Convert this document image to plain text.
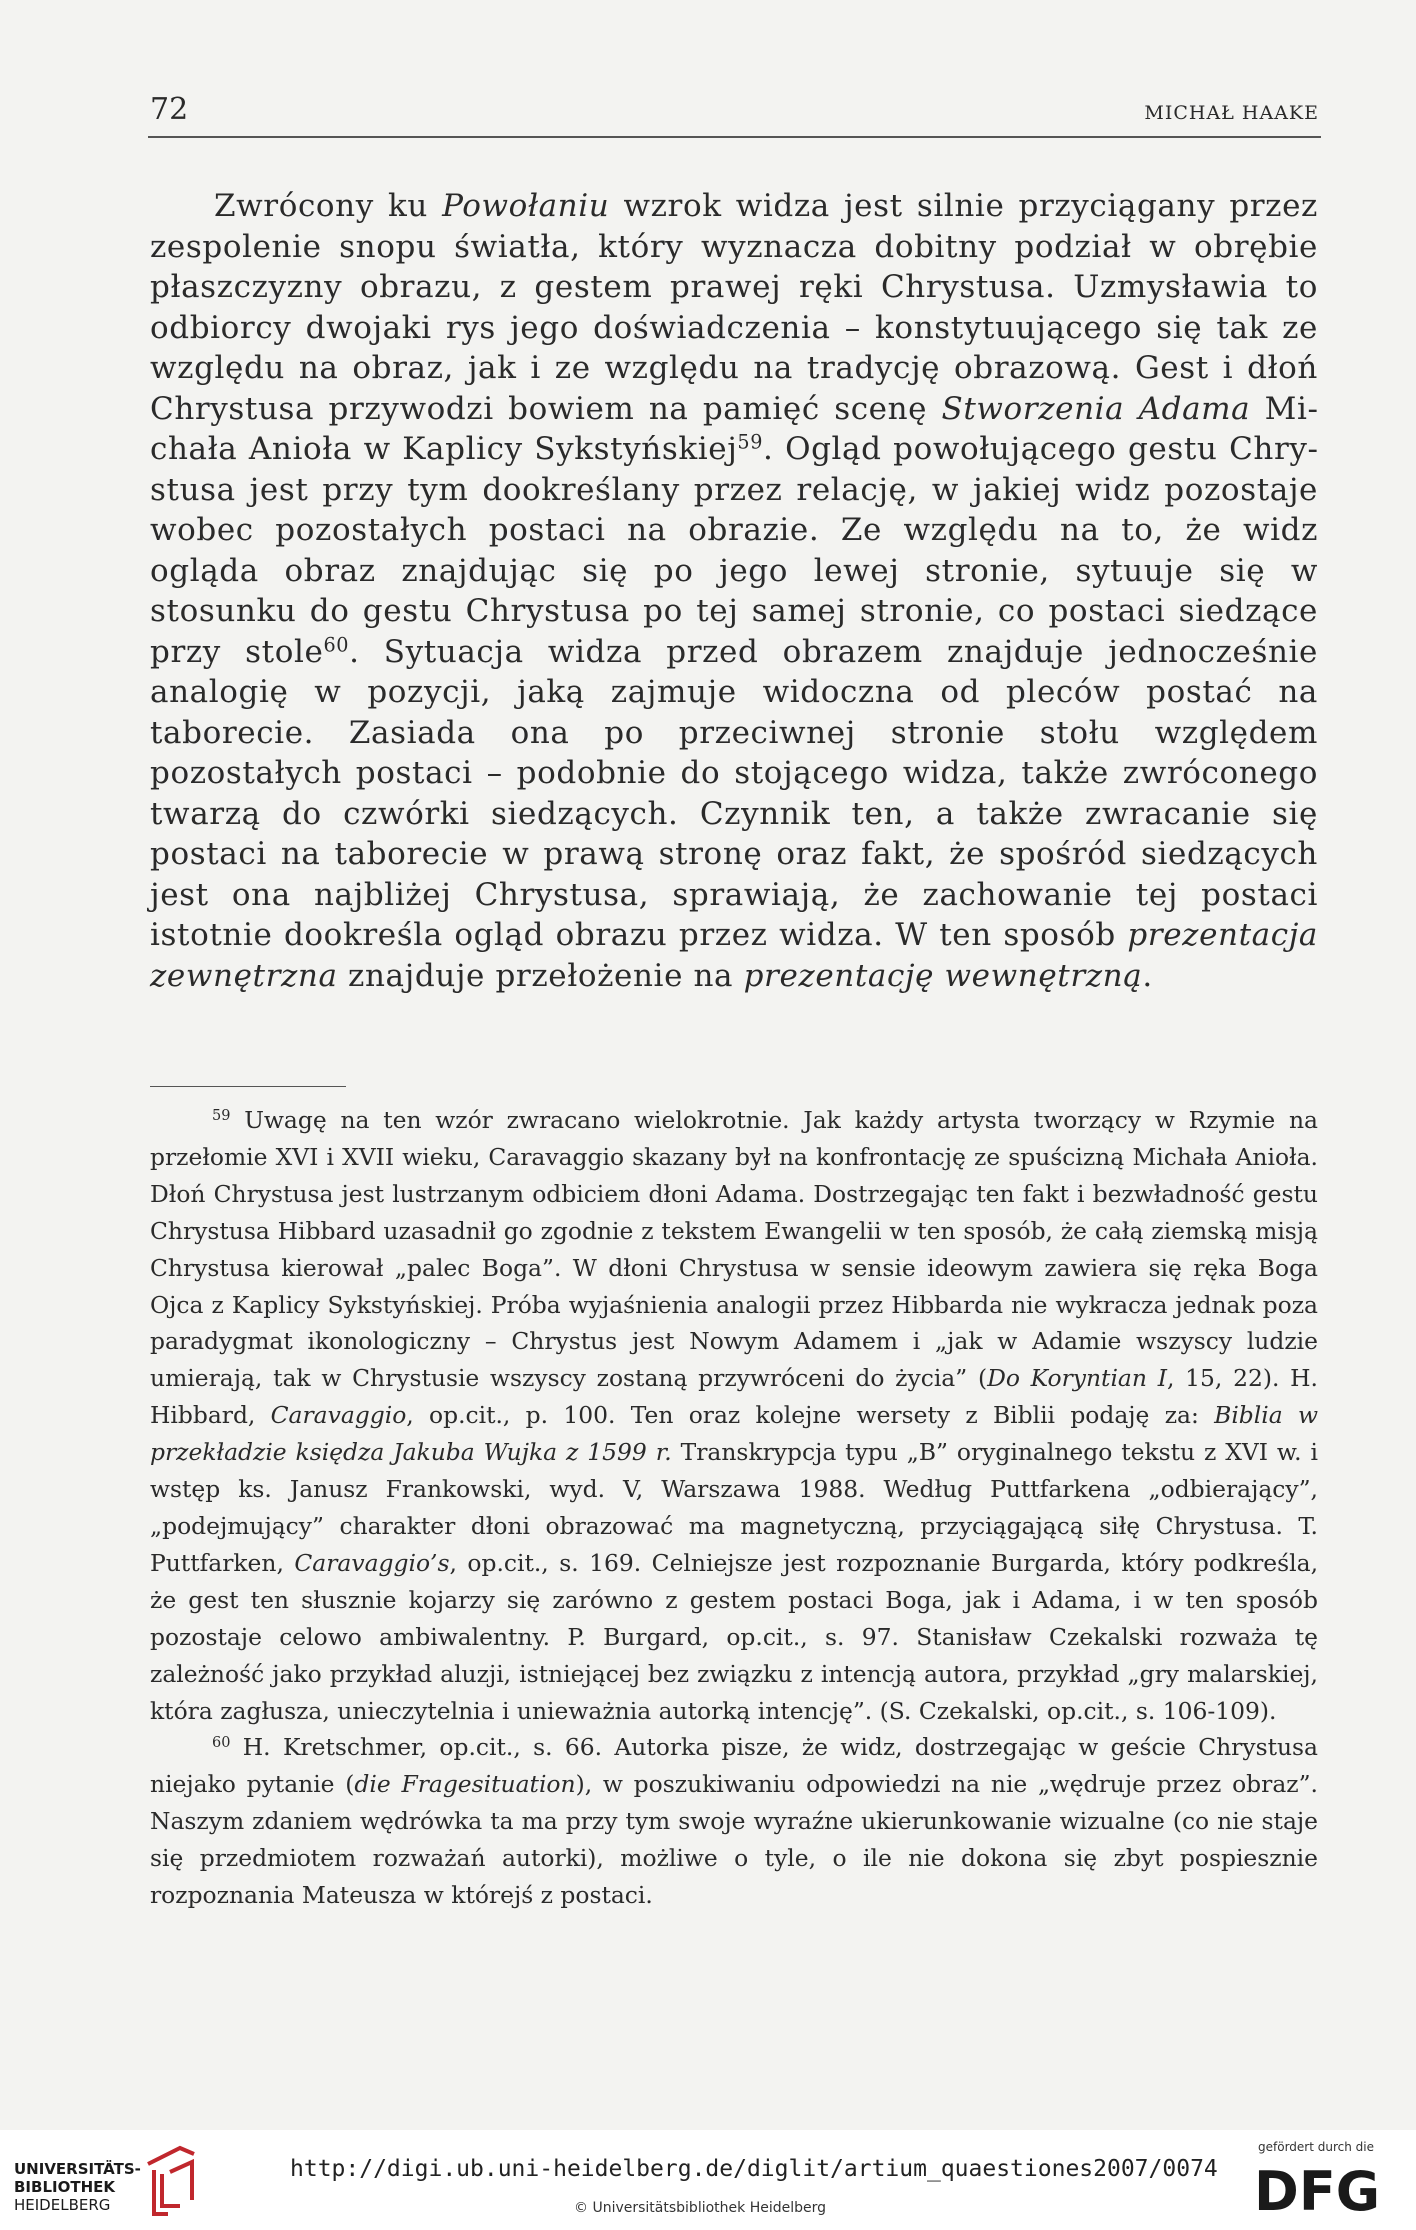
72	MICHAŁ HAAKE

Zwrócony ku Powołaniu wzrok widza jest silnie przyciągany przez zespolenie snopu światła, który wyznacza dobitny podział w obrębie płaszczyzny obrazu, z gestem prawej ręki Chrystusa. Uzmysławia to odbiorcy dwojaki rys jego doświadczenia – konstytuującego się tak ze względu na obraz, jak i ze względu na tradycję obrazową. Gest i dłoń Chrystusa przywodzi bowiem na pamięć scenę Stworzenia Adama Michała Anioła w Kaplicy Sykstyńskiej$^{59}$. Ogląd powołującego gestu Chrystusa jest przy tym dookreślany przez relację, w jakiej widz pozostaje wobec pozostałych postaci na obrazie. Ze względu na to, że widz ogląda obraz znajdując się po jego lewej stronie, sytuuje się w stosunku do gestu Chrystusa po tej samej stronie, co postaci siedzące przy stole$^{60}$. Sytuacja widza przed obrazem znajduje jednocześnie analogię w pozycji, jaką zajmuje widoczna od pleców postać na taborecie. Zasiada ona po przeciwnej stronie stołu względem pozostałych postaci – podobnie do stojącego widza, także zwróconego twarzą do czwórki siedzących. Czynnik ten, a także zwracanie się postaci na taborecie w prawą stronę oraz fakt, że spośród siedzących jest ona najbliżej Chrystusa, sprawiają, że zachowanie tej postaci istotnie dookreśla ogląd obrazu przez widza. W ten sposób prezentacja zewnętrzna znajduje przełożenie na prezentację wewnętrzną.

$^{59}$ Uwagę na ten wzór zwracano wielokrotnie. Jak każdy artysta tworzący w Rzymie na przełomie XVI i XVII wieku, Caravaggio skazany był na konfrontację ze spuścizną Michała Anioła. Dłoń Chrystusa jest lustrzanym odbiciem dłoni Adama. Dostrzegając ten fakt i bezwładność gestu Chrystusa Hibbard uzasadnił go zgodnie z tekstem Ewangelii w ten sposób, że całą ziemską misją Chrystusa kierował „palec Boga”. W dłoni Chrystusa w sensie ideowym zawiera się ręka Boga Ojca z Kaplicy Sykstyńskiej. Próba wyjaśnienia analogii przez Hibbarda nie wykracza jednak poza paradygmat ikonologiczny – Chrystus jest Nowym Adamem i „jak w Adamie wszyscy ludzie umierają, tak w Chrystusie wszyscy zostaną przywróceni do życia” (Do Koryntian I, 15, 22). H. Hibbard, Caravaggio, op.cit., p. 100. Ten oraz kolejne wersety z Biblii podaję za: Biblia w przekładzie księdza Jakuba Wujka z 1599 r. Transkrypcja typu „B” oryginalnego tekstu z XVI w. i wstęp ks. Janusz Frankowski, wyd. V, Warszawa 1988. Według Puttfarkena „odbierający”, „podejmujący” charakter dłoni obrazować ma magnetyczną, przyciągającą siłę Chrystusa. T. Puttfarken, Caravaggio’s, op.cit., s. 169. Celniejsze jest rozpoznanie Burgarda, który podkreśla, że gest ten słusznie kojarzy się zarówno z gestem postaci Boga, jak i Adama, i w ten sposób pozostaje celowo ambiwalentny. P. Burgard, op.cit., s. 97. Stanisław Czekalski rozważa tę zależność jako przykład aluzji, istniejącej bez związku z intencją autora, przykład „gry malarskiej, która zagłusza, unieczytelnia i unieważnia autorką intencję”. (S. Czekalski, op.cit., s. 106-109).

$^{60}$ H. Kretschmer, op.cit., s. 66. Autorka pisze, że widz, dostrzegając w geście Chrystusa niejako pytanie (die Fragesituation), w poszukiwaniu odpowiedzi na nie „wędruje przez obraz”. Naszym zdaniem wędrówka ta ma przy tym swoje wyraźne ukierunkowanie wizualne (co nie staje się przedmiotem rozważań autorki), możliwe o tyle, o ile nie dokona się zbyt pospiesznie rozpoznania Mateusza w którejś z postaci.

UNIVERSITÄTS-
BIBLIOTHEK
HEIDELBERG
http://digi.ub.uni-heidelberg.de/diglit/artium_quaestiones2007/0074
© Universitätsbibliothek Heidelberg
gefördert durch die
DFG
